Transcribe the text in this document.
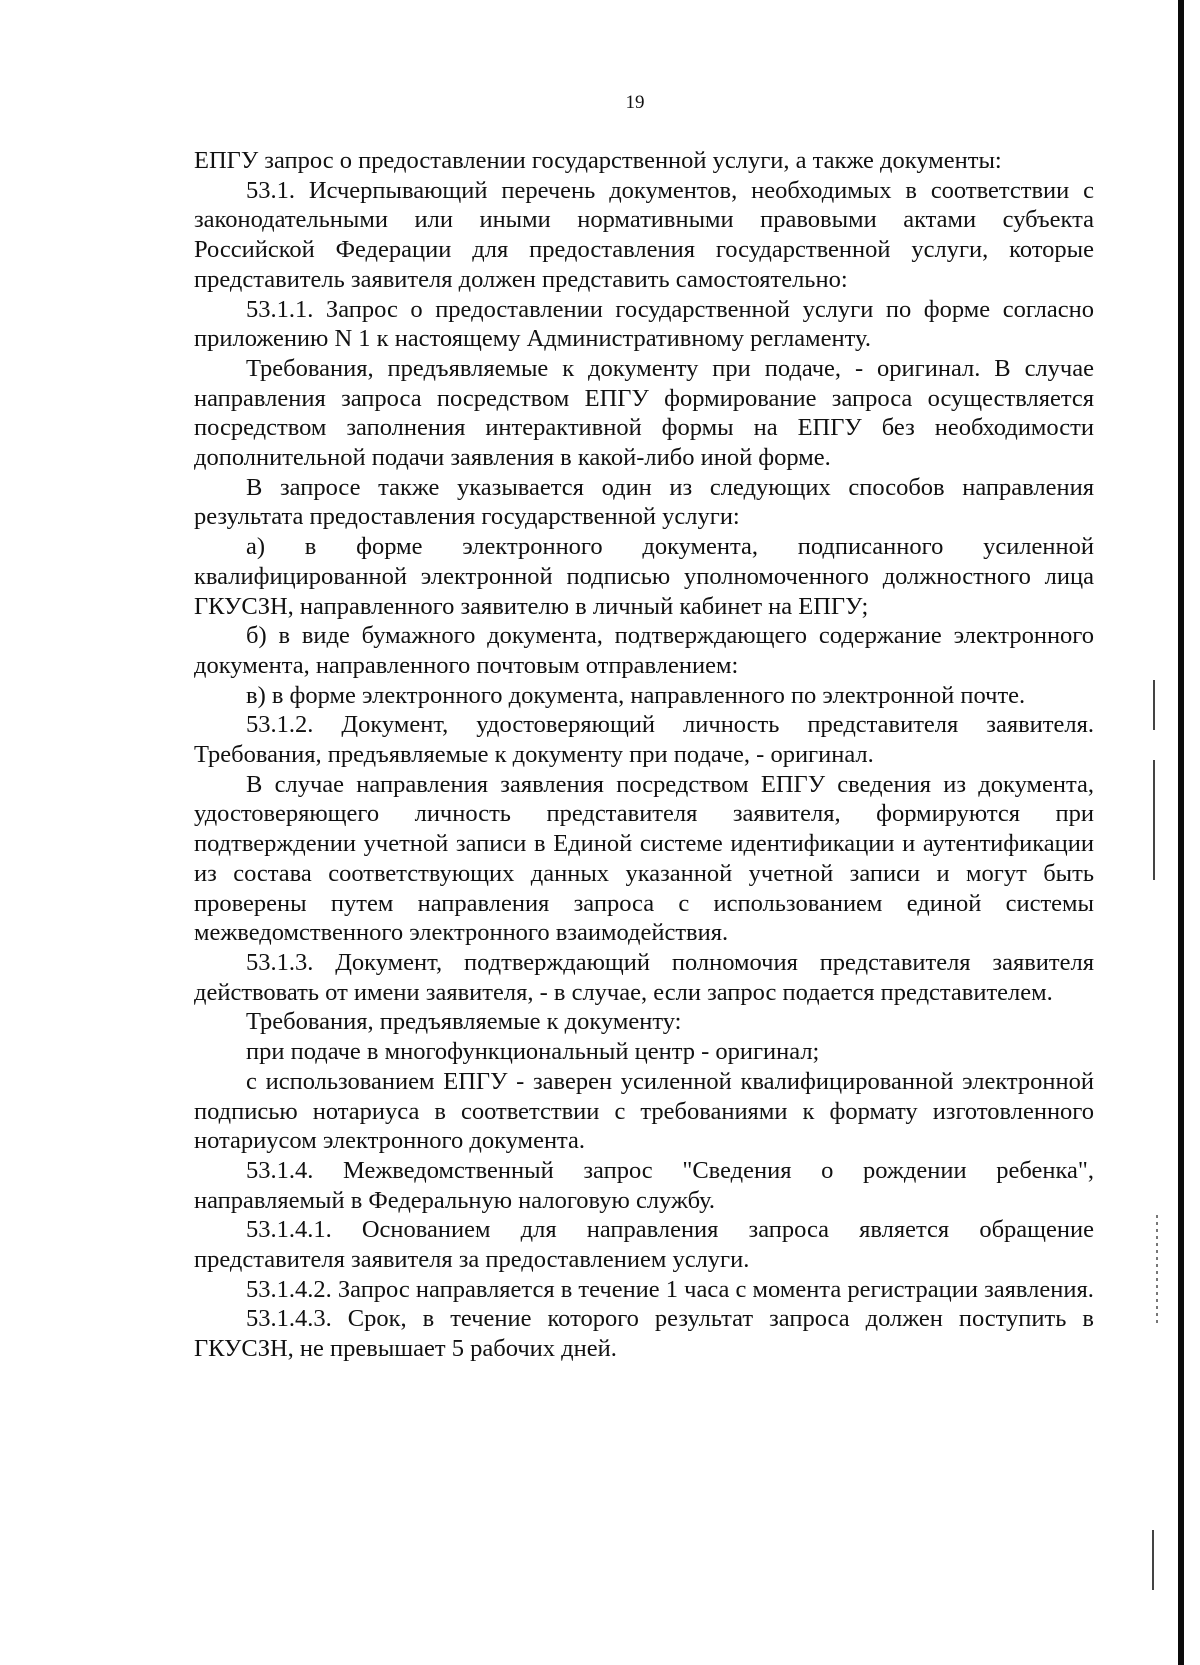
19

ЕПГУ запрос о предоставлении государственной услуги, а также документы:

53.1. Исчерпывающий перечень документов, необходимых в соответствии с законодательными или иными нормативными правовыми актами субъекта Российской Федерации для предоставления государственной услуги, которые представитель заявителя должен представить самостоятельно:

53.1.1. Запрос о предоставлении государственной услуги по форме согласно приложению N 1 к настоящему Административному регламенту.

Требования, предъявляемые к документу при подаче, - оригинал. В случае направления запроса посредством ЕПГУ формирование запроса осуществляется посредством заполнения интерактивной формы на ЕПГУ без необходимости дополнительной подачи заявления в какой-либо иной форме.

В запросе также указывается один из следующих способов направления результата предоставления государственной услуги:

а) в форме электронного документа, подписанного усиленной квалифицированной электронной подписью уполномоченного должностного лица ГКУСЗН, направленного заявителю в личный кабинет на ЕПГУ;

б) в виде бумажного документа, подтверждающего содержание электронного документа, направленного почтовым отправлением:

в) в форме электронного документа, направленного по электронной почте.

53.1.2. Документ, удостоверяющий личность представителя заявителя. Требования, предъявляемые к документу при подаче, - оригинал.

В случае направления заявления посредством ЕПГУ сведения из документа, удостоверяющего личность представителя заявителя, формируются при подтверждении учетной записи в Единой системе идентификации и аутентификации из состава соответствующих данных указанной учетной записи и могут быть проверены путем направления запроса с использованием единой системы межведомственного электронного взаимодействия.

53.1.3. Документ, подтверждающий полномочия представителя заявителя действовать от имени заявителя, - в случае, если запрос подается представителем.

Требования, предъявляемые к документу:

при подаче в многофункциональный центр - оригинал;

с использованием ЕПГУ - заверен усиленной квалифицированной электронной подписью нотариуса в соответствии с требованиями к формату изготовленного нотариусом электронного документа.

53.1.4. Межведомственный запрос "Сведения о рождении ребенка", направляемый в Федеральную налоговую службу.

53.1.4.1. Основанием для направления запроса является обращение представителя заявителя за предоставлением услуги.

53.1.4.2. Запрос направляется в течение 1 часа с момента регистрации заявления.

53.1.4.3. Срок, в течение которого результат запроса должен поступить в ГКУСЗН, не превышает 5 рабочих дней.
